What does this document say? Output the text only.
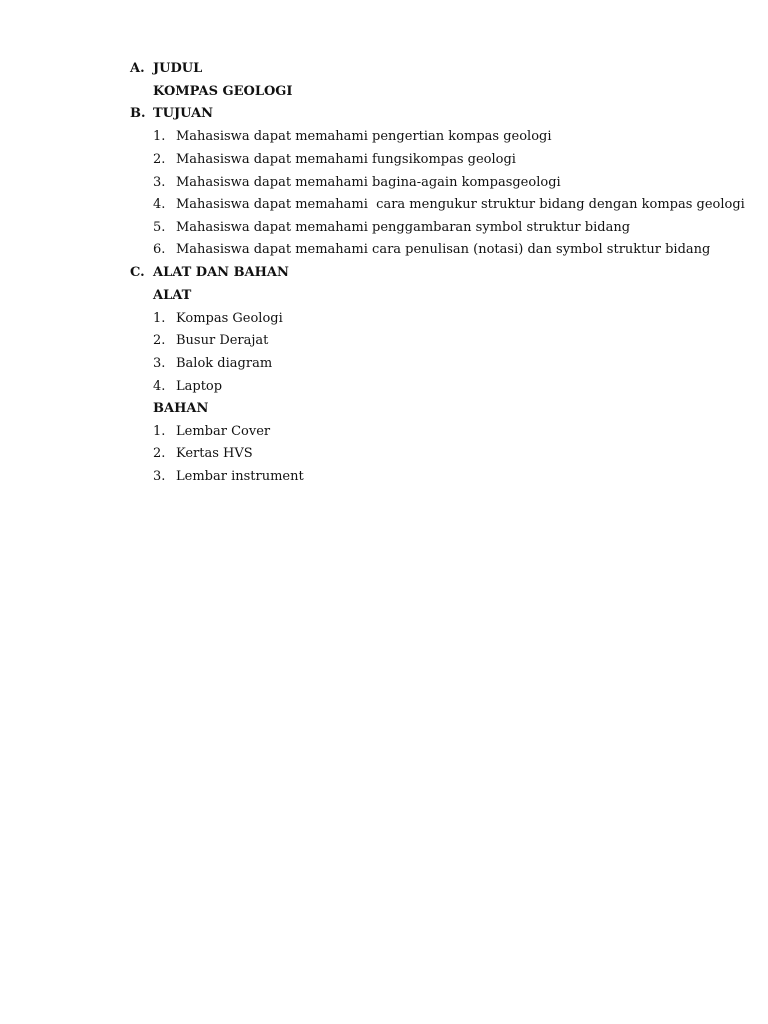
A. JUDUL
KOMPAS GEOLOGI
B. TUJUAN
1. Mahasiswa dapat memahami pengertian kompas geologi
2. Mahasiswa dapat memahami fungsikompas geologi
3. Mahasiswa dapat memahami bagina-again kompasgeologi
4. Mahasiswa dapat memahami  cara mengukur struktur bidang dengan kompas geologi
5. Mahasiswa dapat memahami penggambaran symbol struktur bidang
6. Mahasiswa dapat memahami cara penulisan (notasi) dan symbol struktur bidang
C. ALAT DAN BAHAN
ALAT
1. Kompas Geologi
2. Busur Derajat
3. Balok diagram
4. Laptop
BAHAN
1. Lembar Cover
2. Kertas HVS
3. Lembar instrument
